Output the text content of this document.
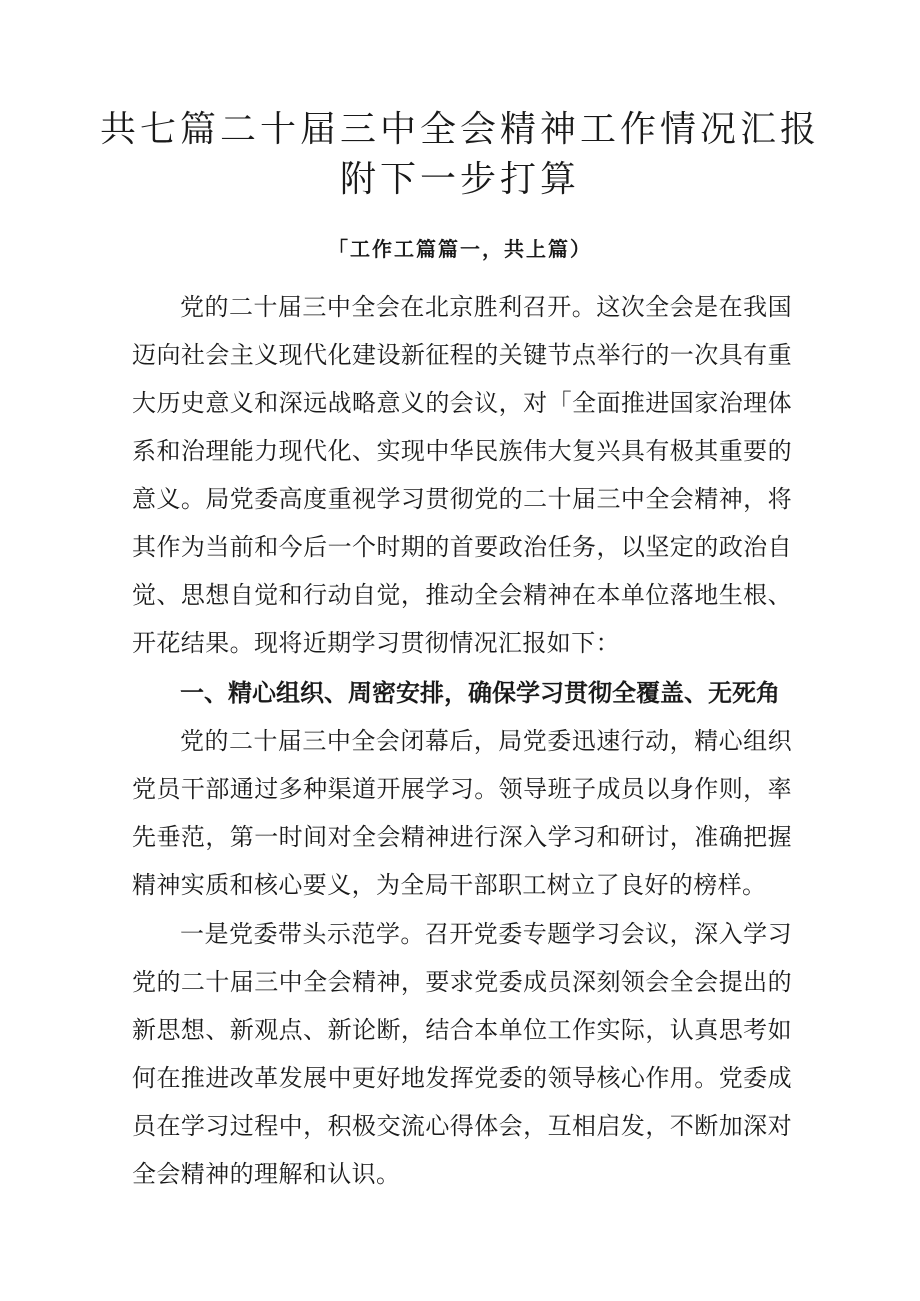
共七篇二十届三中全会精神工作情况汇报
附下一步打算
「工作工篇篇一，共上篇）

党的二十届三中全会在北京胜利召开。这次全会是在我国迈向社会主义现代化建设新征程的关键节点举行的一次具有重大历史意义和深远战略意义的会议，对「全面推进国家治理体系和治理能力现代化、实现中华民族伟大复兴具有极其重要的意义。局党委高度重视学习贯彻党的二十届三中全会精神，将其作为当前和今后一个时期的首要政治任务，以坚定的政治自觉、思想自觉和行动自觉，推动全会精神在本单位落地生根、开花结果。现将近期学习贯彻情况汇报如下：

一、精心组织、周密安排，确保学习贯彻全覆盖、无死角

党的二十届三中全会闭幕后，局党委迅速行动，精心组织党员干部通过多种渠道开展学习。领导班子成员以身作则，率先垂范，第一时间对全会精神进行深入学习和研讨，准确把握精神实质和核心要义，为全局干部职工树立了良好的榜样。

一是党委带头示范学。召开党委专题学习会议，深入学习党的二十届三中全会精神，要求党委成员深刻领会全会提出的新思想、新观点、新论断，结合本单位工作实际，认真思考如何在推进改革发展中更好地发挥党委的领导核心作用。党委成员在学习过程中，积极交流心得体会，互相启发，不断加深对全会精神的理解和认识。
